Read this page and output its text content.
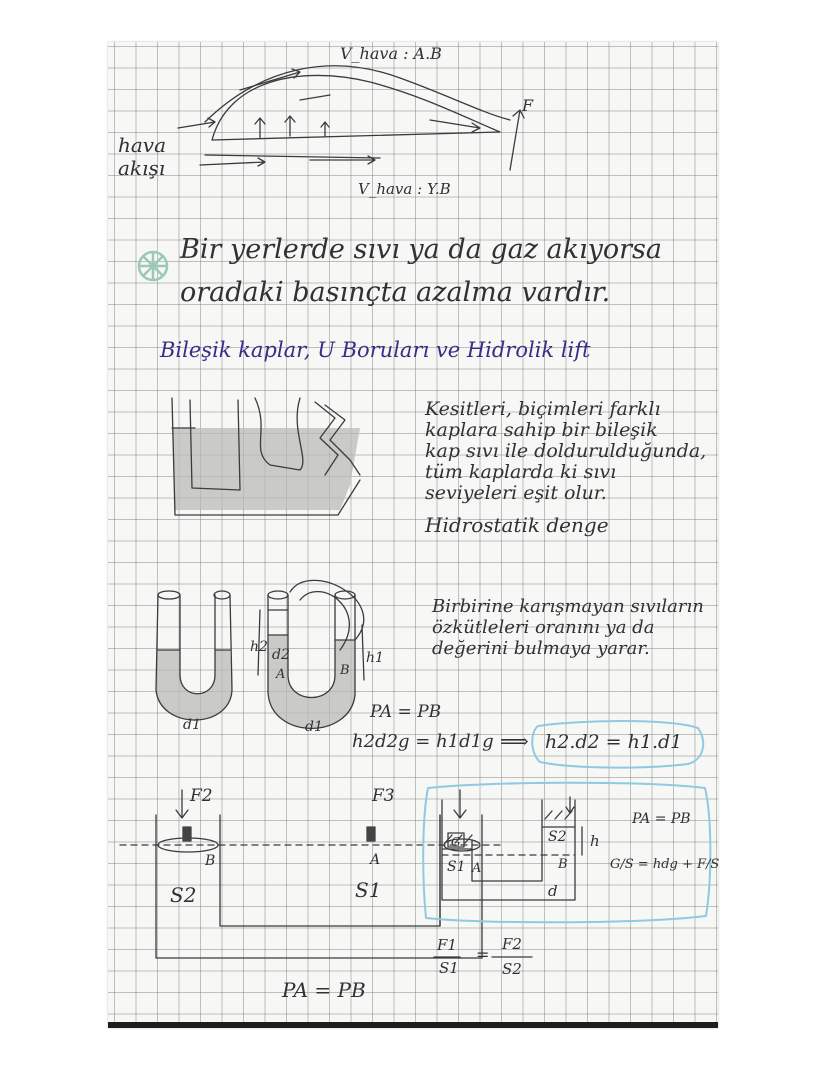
V_hava : A.B
V_hava : Y.B
hava
akışı
F
Bir yerlerde sıvı ya da gaz akıyorsa
oradaki basınçta azalma vardır.
Bileşik kaplar, U Boruları ve Hidrolik lift
Kesitleri, biçimleri farklı
kaplara sahip bir bileşik
kap sıvı ile doldurulduğunda,
tüm kaplarda ki sıvı
seviyeleri eşit olur.
Hidrostatik denge
h2 d2	h1
A	B
d1	d1
Birbirine karışmayan sıvıların
özkütleleri oranını ya da
değerini bulmaya yarar.
PA = PB
h2d2g = h1d1g ⟹ h2.d2 = h1.d1
F2	F3
B	A
S2	S1
PA = PB
F1
S1
=
F2
S2
G
S1 A
S2
B
h
d
PA = PB
G/S = hdg + F/S
